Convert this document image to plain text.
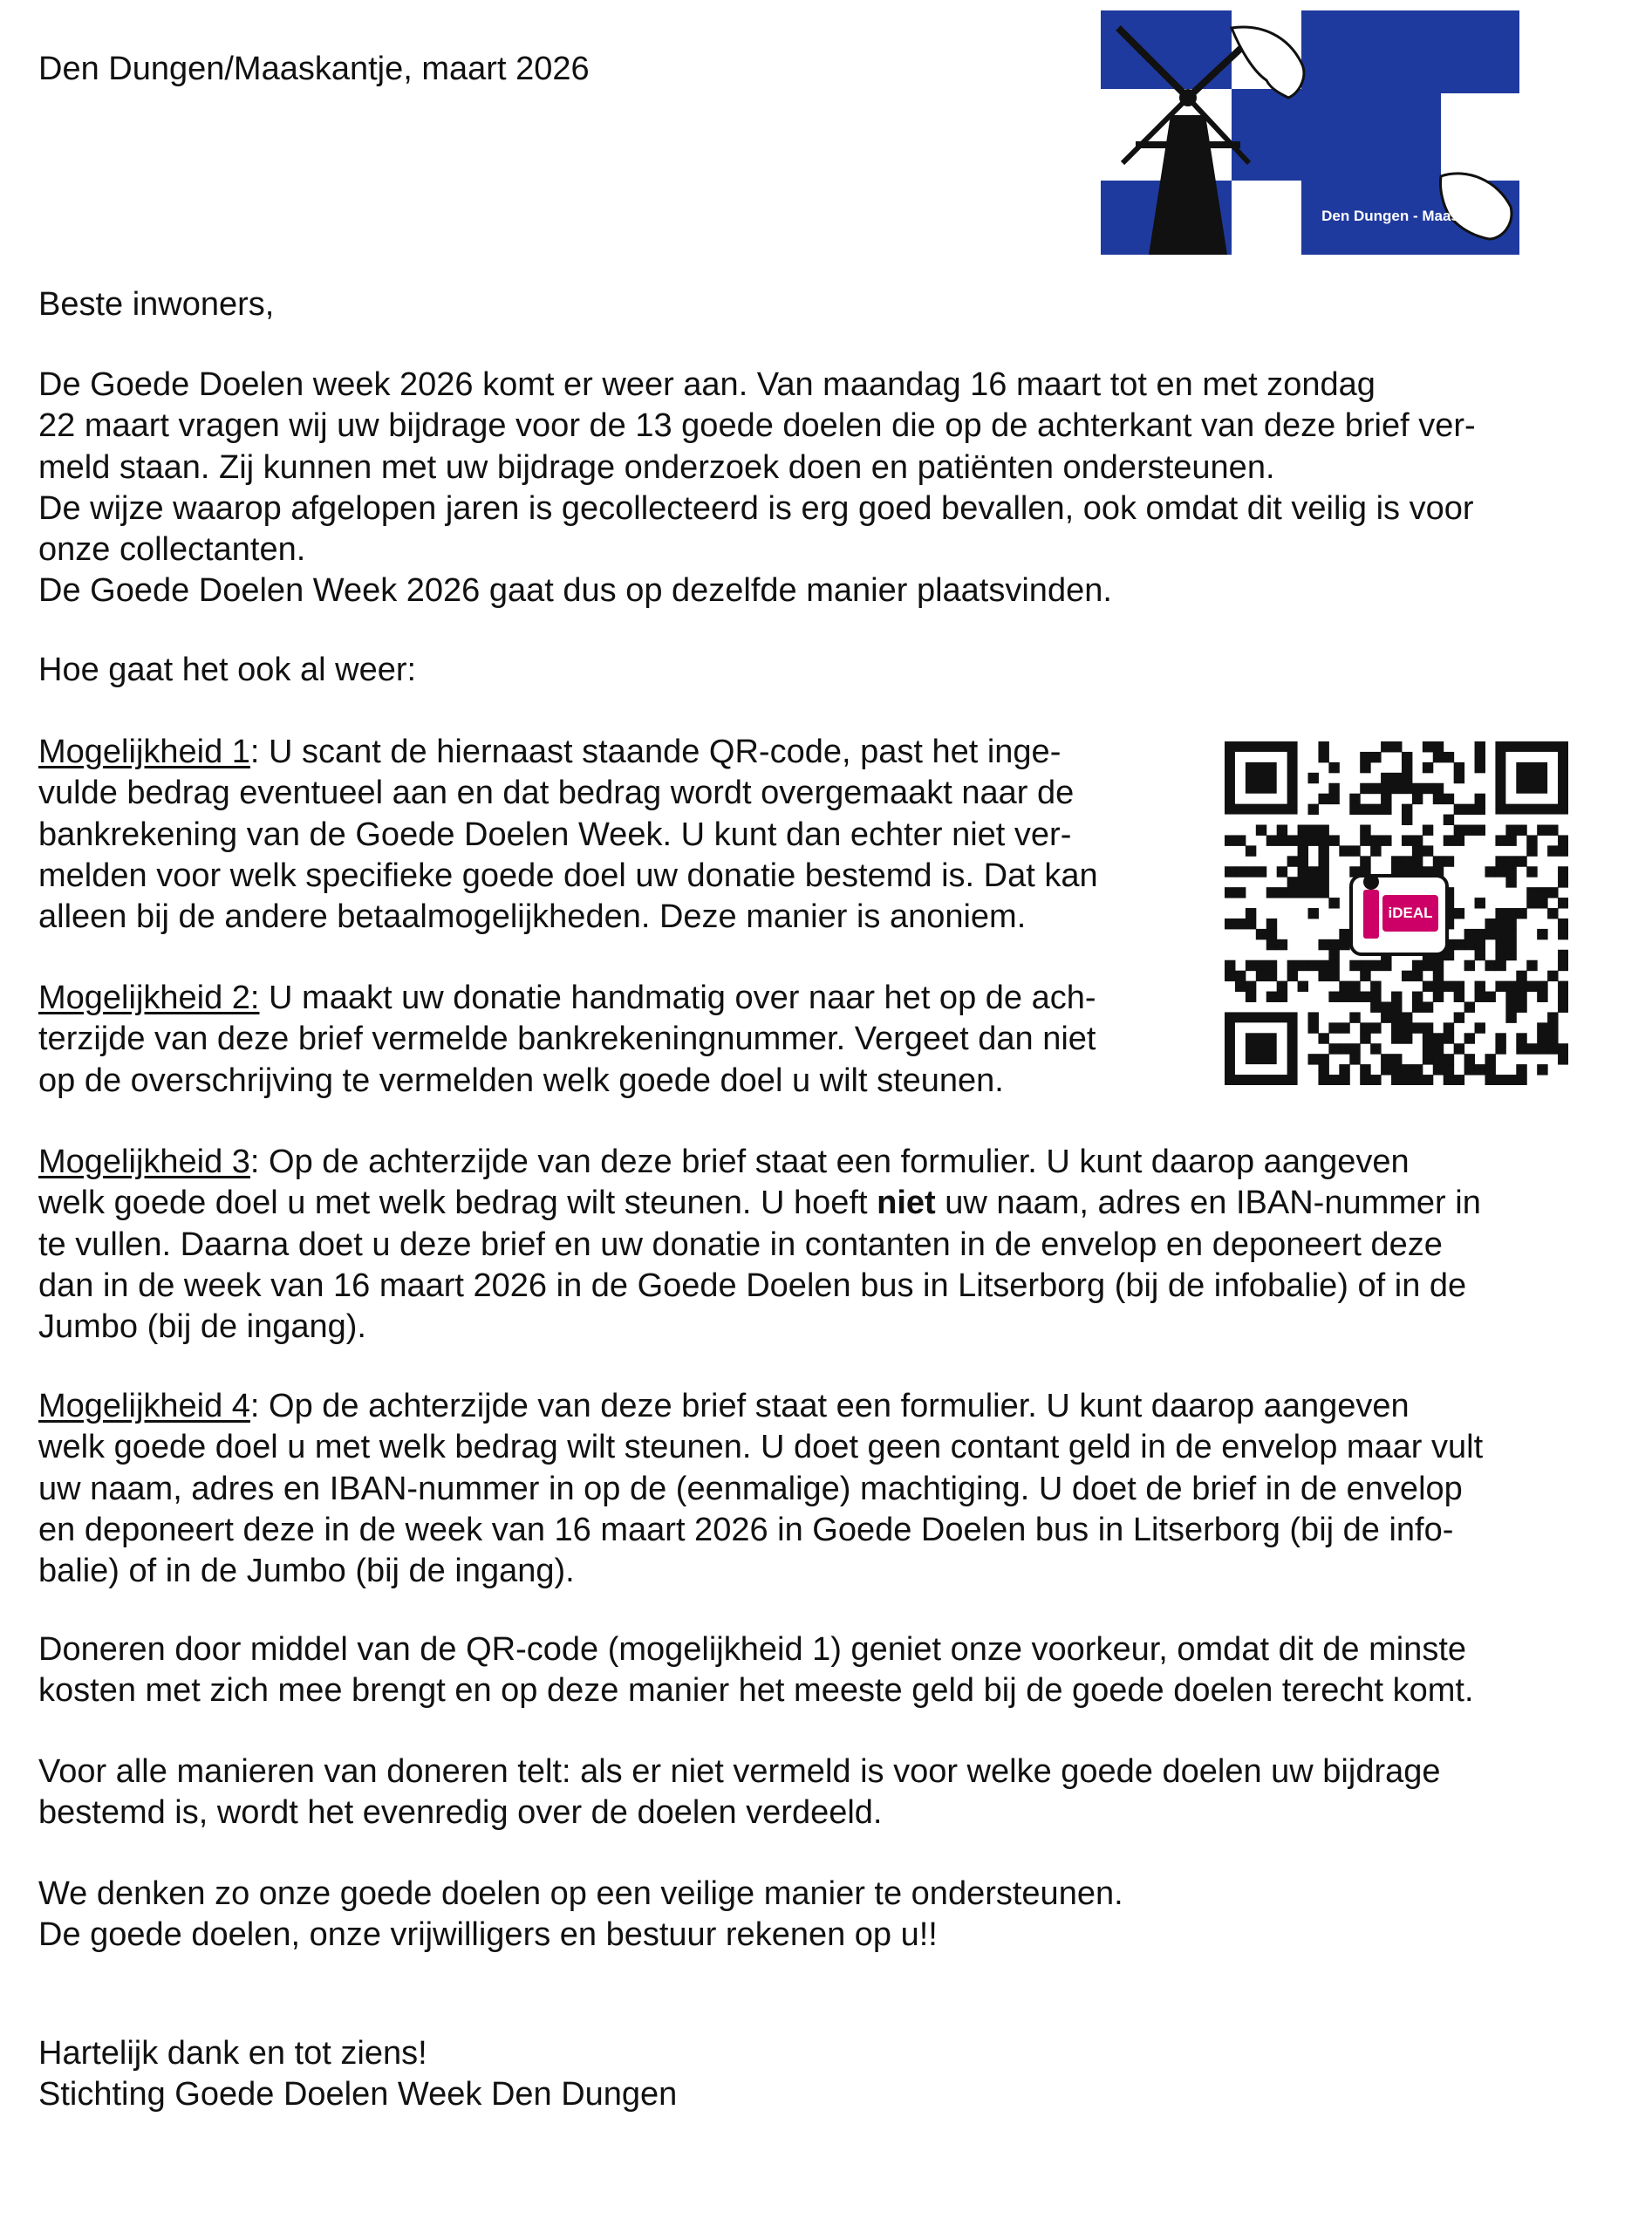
Den Dungen/Maaskantje, maart 2026	Goede
Doelen
Week
Den Dungen - Maaskantje
Beste inwoners,
De Goede Doelen week 2026 komt er weer aan. Van maandag 16 maart tot en met zondag
22 maart vragen wij uw bijdrage voor de 13 goede doelen die op de achterkant van deze brief ver-
meld staan. Zij kunnen met uw bijdrage onderzoek doen en patiënten ondersteunen.
De wijze waarop afgelopen jaren is gecollecteerd is erg goed bevallen, ook omdat dit veilig is voor
onze collectanten.
De Goede Doelen Week 2026 gaat dus op dezelfde manier plaatsvinden.
Hoe gaat het ook al weer:
Mogelijkheid 1: U scant de hiernaast staande QR-code, past het inge-
vulde bedrag eventueel aan en dat bedrag wordt overgemaakt naar de
bankrekening van de Goede Doelen Week. U kunt dan echter niet ver-
melden voor welk specifieke goede doel uw donatie bestemd is. Dat kan
alleen bij de andere betaalmogelijkheden. Deze manier is anoniem.	iDEAL
Mogelijkheid 2: U maakt uw donatie handmatig over naar het op de ach-
terzijde van deze brief vermelde bankrekeningnummer. Vergeet dan niet
op de overschrijving te vermelden welk goede doel u wilt steunen.
Mogelijkheid 3: Op de achterzijde van deze brief staat een formulier. U kunt daarop aangeven
welk goede doel u met welk bedrag wilt steunen. U hoeft niet uw naam, adres en IBAN-nummer in
te vullen. Daarna doet u deze brief en uw donatie in contanten in de envelop en deponeert deze
dan in de week van 16 maart 2026 in de Goede Doelen bus in Litserborg (bij de infobalie) of in de
Jumbo (bij de ingang).
Mogelijkheid 4: Op de achterzijde van deze brief staat een formulier. U kunt daarop aangeven
welk goede doel u met welk bedrag wilt steunen. U doet geen contant geld in de envelop maar vult
uw naam, adres en IBAN-nummer in op de (eenmalige) machtiging. U doet de brief in de envelop
en deponeert deze in de week van 16 maart 2026 in Goede Doelen bus in Litserborg (bij de info-
balie) of in de Jumbo (bij de ingang).
Doneren door middel van de QR-code (mogelijkheid 1) geniet onze voorkeur, omdat dit de minste
kosten met zich mee brengt en op deze manier het meeste geld bij de goede doelen terecht komt.
Voor alle manieren van doneren telt: als er niet vermeld is voor welke goede doelen uw bijdrage
bestemd is, wordt het evenredig over de doelen verdeeld.
We denken zo onze goede doelen op een veilige manier te ondersteunen.
De goede doelen, onze vrijwilligers en bestuur rekenen op u!!
Hartelijk dank en tot ziens!
Stichting Goede Doelen Week Den Dungen
